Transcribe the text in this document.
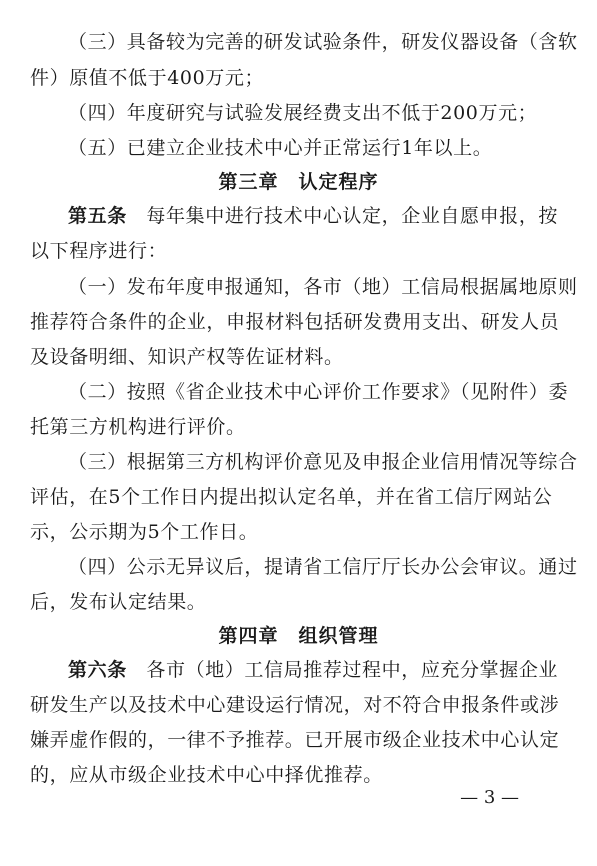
（三）具备较为完善的研发试验条件，研发仪器设备（含软
件）原值不低于400万元；
（四）年度研究与试验发展经费支出不低于200万元；
（五）已建立企业技术中心并正常运行1年以上。
第三章　认定程序
第五条　每年集中进行技术中心认定，企业自愿申报，按
以下程序进行：
（一）发布年度申报通知，各市（地）工信局根据属地原则
推荐符合条件的企业，申报材料包括研发费用支出、研发人员
及设备明细、知识产权等佐证材料。
（二）按照《省企业技术中心评价工作要求》（见附件）委
托第三方机构进行评价。
（三）根据第三方机构评价意见及申报企业信用情况等综合
评估，在5个工作日内提出拟认定名单，并在省工信厅网站公
示，公示期为5个工作日。
（四）公示无异议后，提请省工信厅厅长办公会审议。通过
后，发布认定结果。
第四章　组织管理
第六条　各市（地）工信局推荐过程中，应充分掌握企业
研发生产以及技术中心建设运行情况，对不符合申报条件或涉
嫌弄虚作假的，一律不予推荐。已开展市级企业技术中心认定
的，应从市级企业技术中心中择优推荐。
— 3 —
